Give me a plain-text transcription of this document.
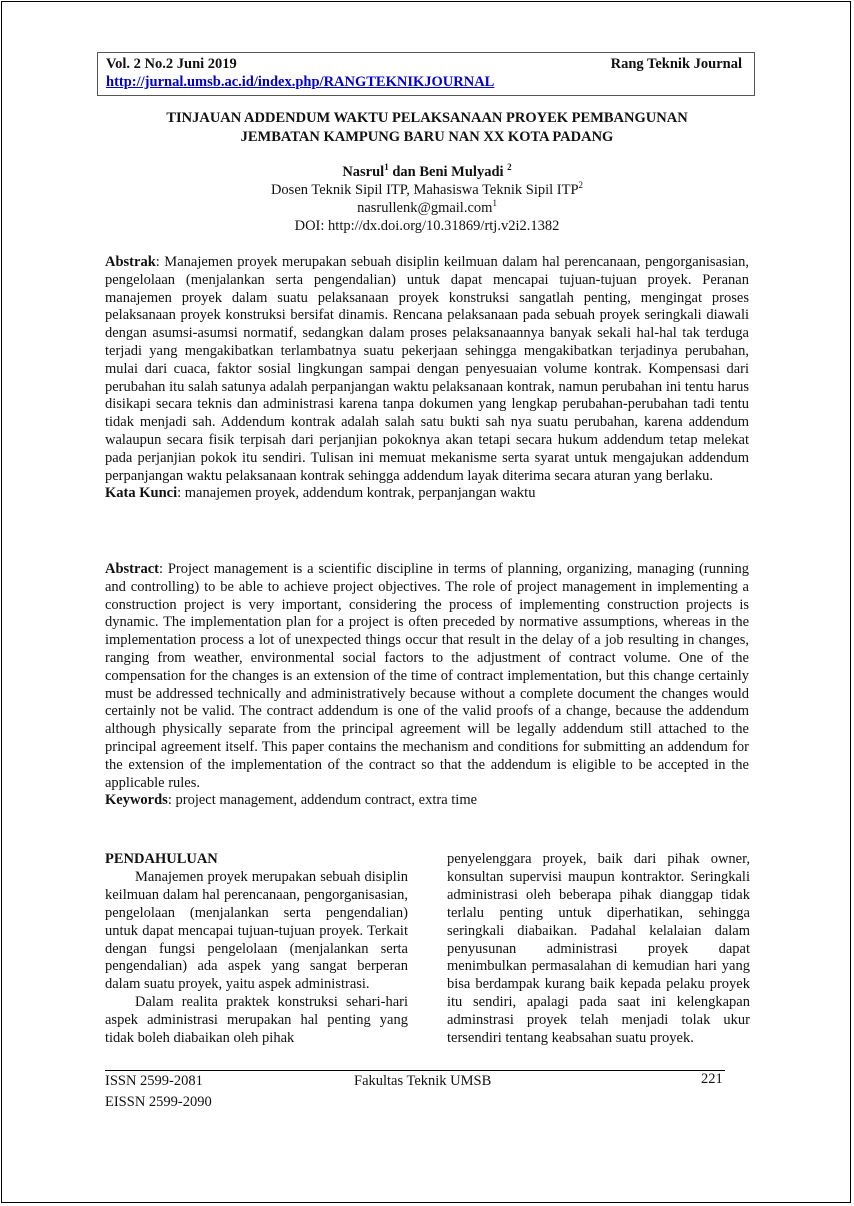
Vol. 2 No.2 Juni 2019	Rang Teknik Journal
http://jurnal.umsb.ac.id/index.php/RANGTEKNIKJOURNAL
TINJAUAN ADDENDUM WAKTU PELAKSANAAN PROYEK PEMBANGUNAN
JEMBATAN KAMPUNG BARU NAN XX KOTA PADANG
Nasrul$^1$ dan Beni Mulyadi $^2$
Dosen Teknik Sipil ITP, Mahasiswa Teknik Sipil ITP$^2$
nasrullenk@gmail.com$^1$
DOI: http://dx.doi.org/10.31869/rtj.v2i2.1382
Abstrak: Manajemen proyek merupakan sebuah disiplin keilmuan dalam hal perencanaan, pengorganisasian, pengelolaan (menjalankan serta pengendalian) untuk dapat mencapai tujuan-tujuan proyek. Peranan manajemen proyek dalam suatu pelaksanaan proyek konstruksi sangatlah penting, mengingat proses pelaksanaan proyek konstruksi bersifat dinamis. Rencana pelaksanaan pada sebuah proyek seringkali diawali dengan asumsi-asumsi normatif, sedangkan dalam proses pelaksanaannya banyak sekali hal-hal tak terduga terjadi yang mengakibatkan terlambatnya suatu pekerjaan sehingga mengakibatkan terjadinya perubahan, mulai dari cuaca, faktor sosial lingkungan sampai dengan penyesuaian volume kontrak. Kompensasi dari perubahan itu salah satunya adalah perpanjangan waktu pelaksanaan kontrak, namun perubahan ini tentu harus disikapi secara teknis dan administrasi karena tanpa dokumen yang lengkap perubahan-perubahan tadi tentu tidak menjadi sah. Addendum kontrak adalah salah satu bukti sah nya suatu perubahan, karena addendum walaupun secara fisik terpisah dari perjanjian pokoknya akan tetapi secara hukum addendum tetap melekat pada perjanjian pokok itu sendiri. Tulisan ini memuat mekanisme serta syarat untuk mengajukan addendum perpanjangan waktu pelaksanaan kontrak sehingga addendum layak diterima secara aturan yang berlaku.
Kata Kunci: manajemen proyek, addendum kontrak, perpanjangan waktu
Abstract: Project management is a scientific discipline in terms of planning, organizing, managing (running and controlling) to be able to achieve project objectives. The role of project management in implementing a construction project is very important, considering the process of implementing construction projects is dynamic. The implementation plan for a project is often preceded by normative assumptions, whereas in the implementation process a lot of unexpected things occur that result in the delay of a job resulting in changes, ranging from weather, environmental social factors to the adjustment of contract volume. One of the compensation for the changes is an extension of the time of contract implementation, but this change certainly must be addressed technically and administratively because without a complete document the changes would certainly not be valid. The contract addendum is one of the valid proofs of a change, because the addendum although physically separate from the principal agreement will be legally addendum still attached to the principal agreement itself. This paper contains the mechanism and conditions for submitting an addendum for the extension of the implementation of the contract so that the addendum is eligible to be accepted in the applicable rules.
Keywords: project management, addendum contract, extra time

PENDAHULUAN

Manajemen proyek merupakan sebuah disiplin keilmuan dalam hal perencanaan, pengorganisasian, pengelolaan (menjalankan serta pengendalian) untuk dapat mencapai tujuan-tujuan proyek. Terkait dengan fungsi pengelolaan (menjalankan serta pengendalian) ada aspek yang sangat berperan dalam suatu proyek, yaitu aspek administrasi.

Dalam realita praktek konstruksi sehari-hari aspek administrasi merupakan hal penting yang tidak boleh diabaikan oleh pihak

penyelenggara proyek, baik dari pihak owner, konsultan supervisi maupun kontraktor. Seringkali administrasi oleh beberapa pihak dianggap tidak terlalu penting untuk diperhatikan, sehingga seringkali diabaikan. Padahal kelalaian dalam penyusunan administrasi proyek dapat menimbulkan permasalahan di kemudian hari yang bisa berdampak kurang baik kepada pelaku proyek itu sendiri, apalagi pada saat ini kelengkapan adminstrasi proyek telah menjadi tolak ukur tersendiri tentang keabsahan suatu proyek.

ISSN 2599-2081
EISSN 2599-2090
Fakultas Teknik UMSB	221
